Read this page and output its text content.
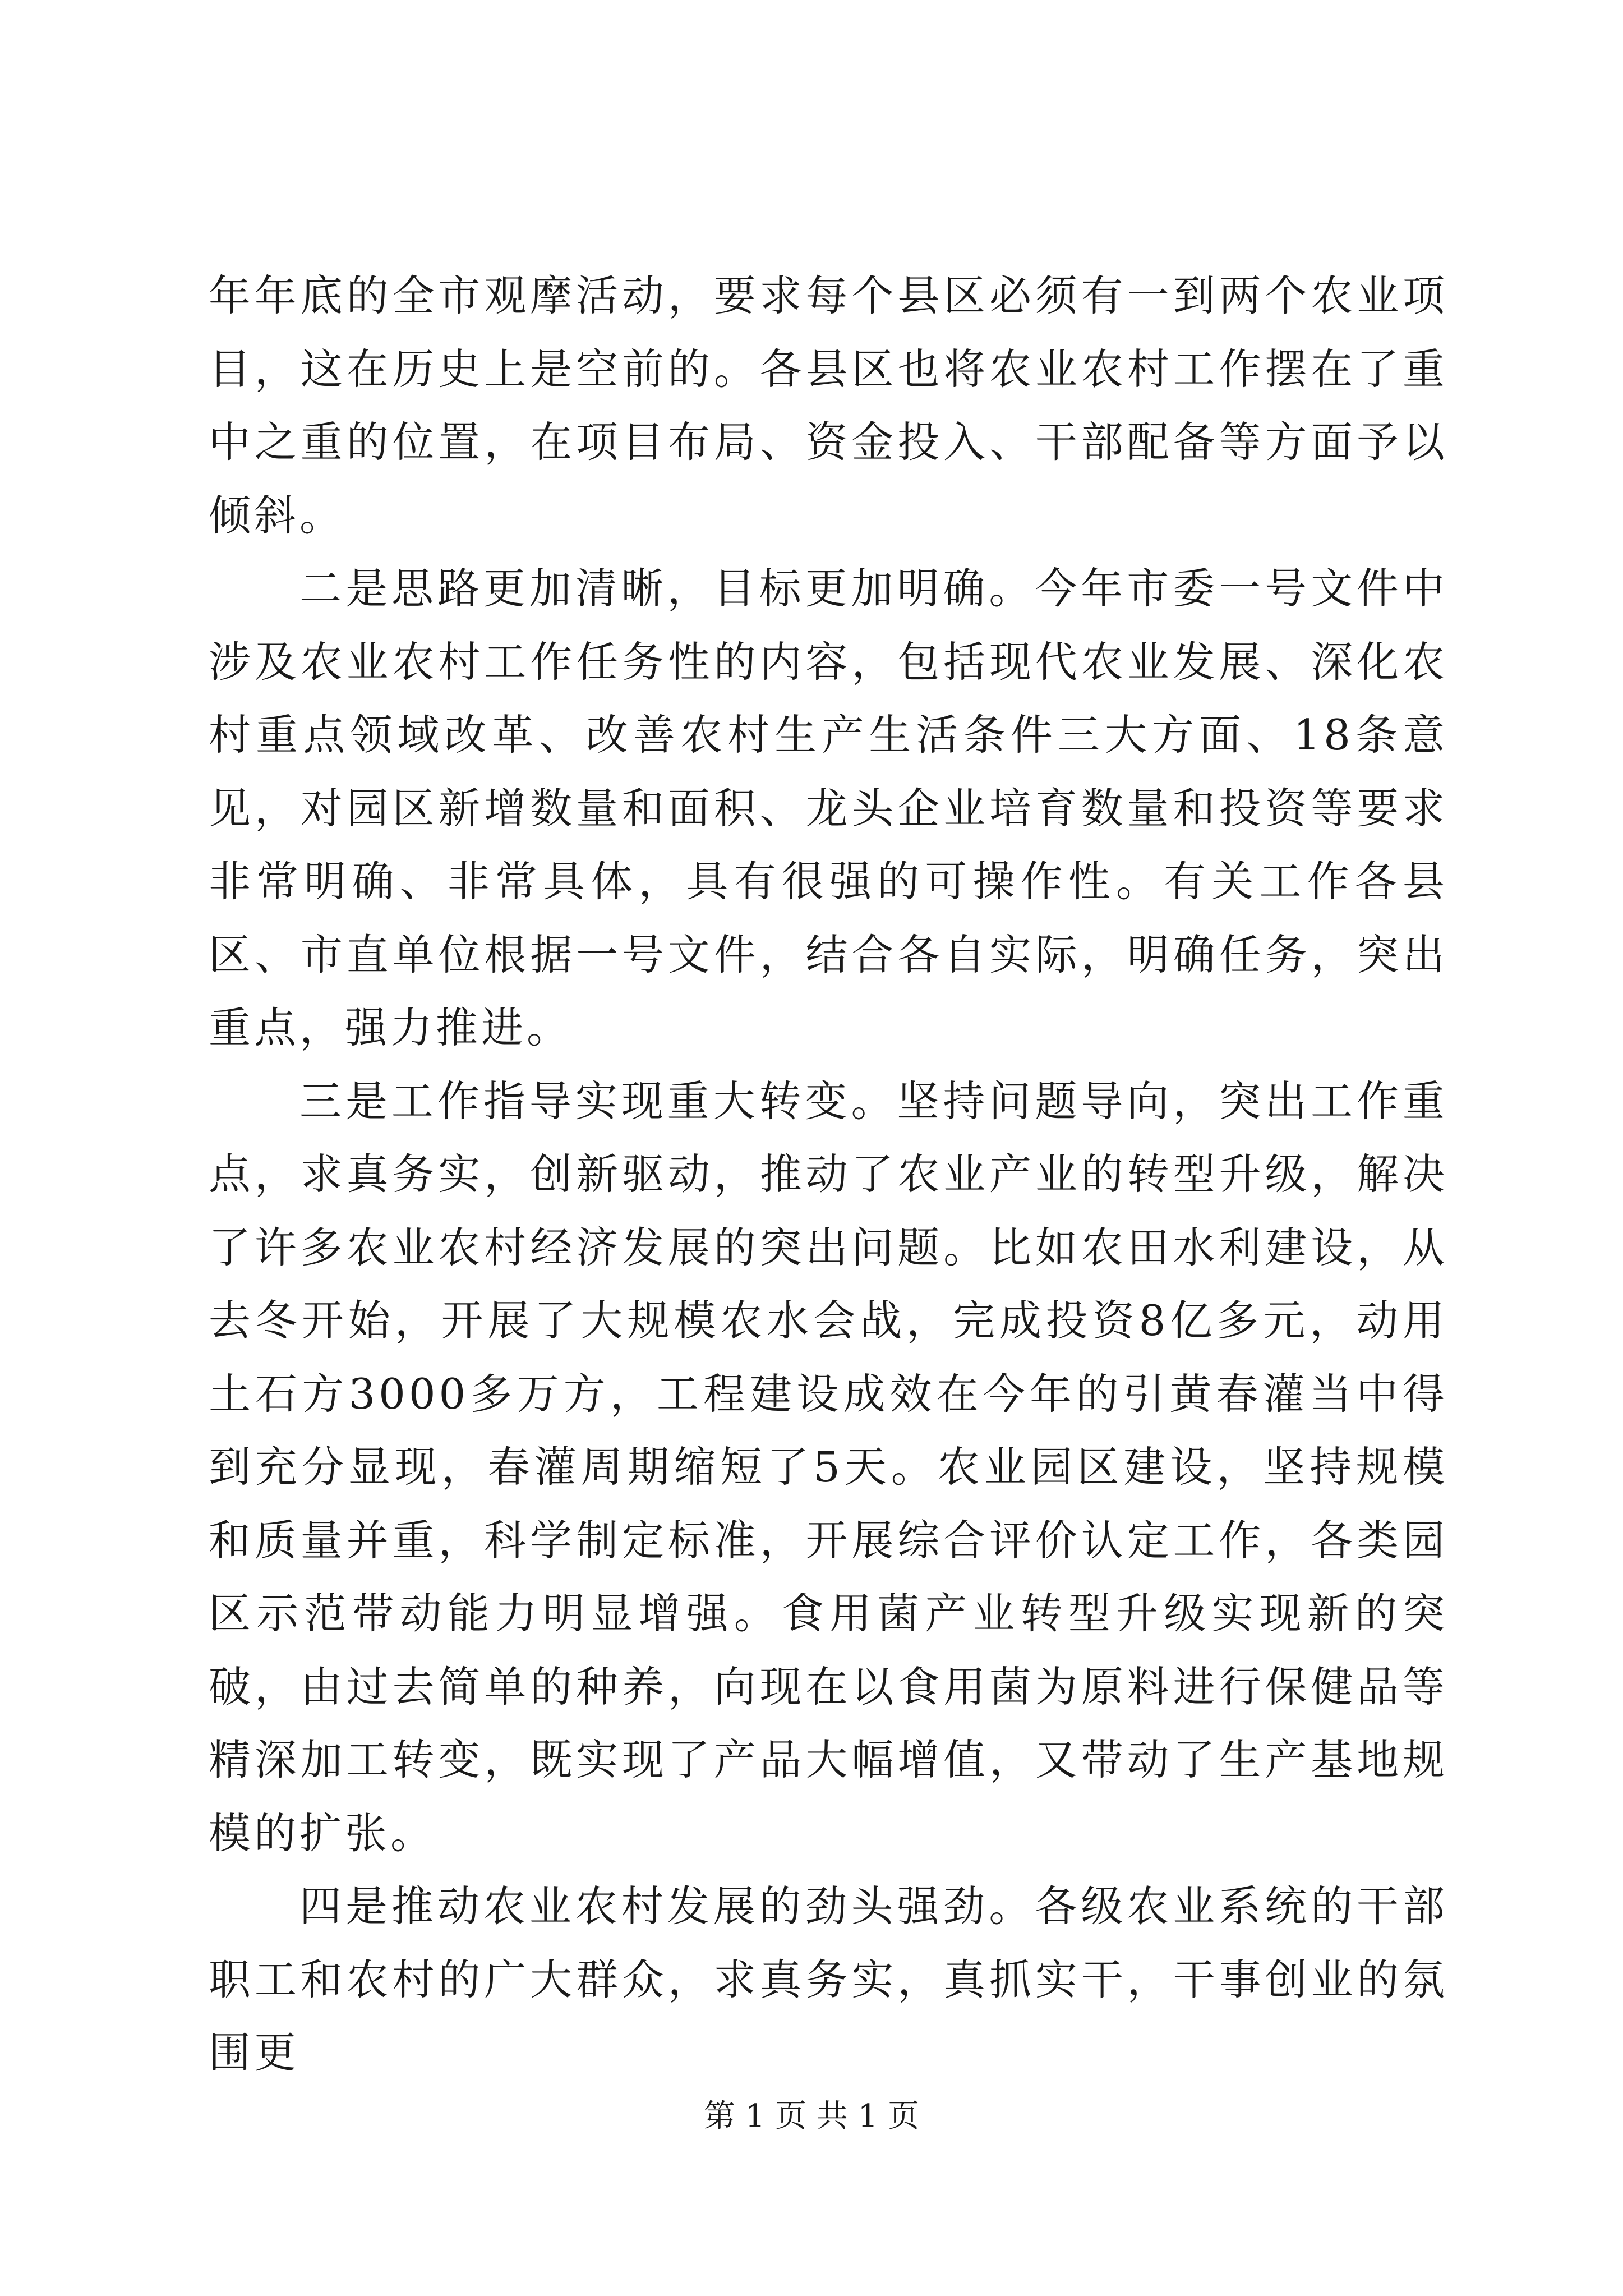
年年底的全市观摩活动，要求每个县区必须有一到两个农业项目，这在历史上是空前的。各县区也将农业农村工作摆在了重中之重的位置，在项目布局、资金投入、干部配备等方面予以倾斜。

二是思路更加清晰，目标更加明确。今年市委一号文件中涉及农业农村工作任务性的内容，包括现代农业发展、深化农村重点领域改革、改善农村生产生活条件三大方面、18条意见，对园区新增数量和面积、龙头企业培育数量和投资等要求非常明确、非常具体，具有很强的可操作性。有关工作各县区、市直单位根据一号文件，结合各自实际，明确任务，突出重点，强力推进。

三是工作指导实现重大转变。坚持问题导向，突出工作重点，求真务实，创新驱动，推动了农业产业的转型升级，解决了许多农业农村经济发展的突出问题。比如农田水利建设，从去冬开始，开展了大规模农水会战，完成投资8亿多元，动用土石方3000多万方，工程建设成效在今年的引黄春灌当中得到充分显现，春灌周期缩短了5天。农业园区建设，坚持规模和质量并重，科学制定标准，开展综合评价认定工作，各类园区示范带动能力明显增强。食用菌产业转型升级实现新的突破，由过去简单的种养，向现在以食用菌为原料进行保健品等精深加工转变，既实现了产品大幅增值，又带动了生产基地规模的扩张。

四是推动农业农村发展的劲头强劲。各级农业系统的干部职工和农村的广大群众，求真务实，真抓实干，干事创业的氛围更

第 1 页 共 1 页
